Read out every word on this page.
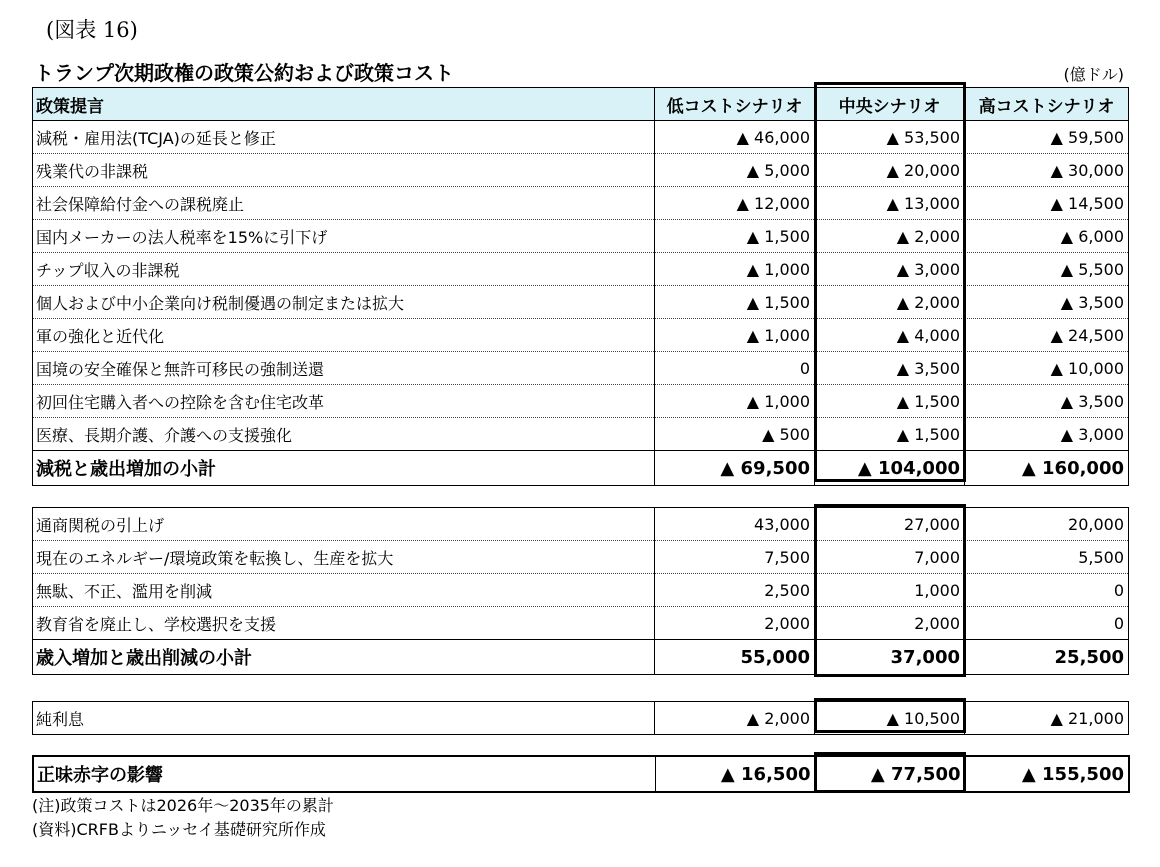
(図表 16)
トランプ次期政権の政策公約および政策コスト	(億ドル)
政策提言	低コストシナリオ	中央シナリオ	高コストシナリオ
減税・雇用法(TCJA)の延長と修正	▲ 46,000	▲ 53,500	▲ 59,500
残業代の非課税	▲ 5,000	▲ 20,000	▲ 30,000
社会保障給付金への課税廃止	▲ 12,000	▲ 13,000	▲ 14,500
国内メーカーの法人税率を15%に引下げ	▲ 1,500	▲ 2,000	▲ 6,000
チップ収入の非課税	▲ 1,000	▲ 3,000	▲ 5,500
個人および中小企業向け税制優遇の制定または拡大	▲ 1,500	▲ 2,000	▲ 3,500
軍の強化と近代化	▲ 1,000	▲ 4,000	▲ 24,500
国境の安全確保と無許可移民の強制送還	0	▲ 3,500	▲ 10,000
初回住宅購入者への控除を含む住宅改革	▲ 1,000	▲ 1,500	▲ 3,500
医療、長期介護、介護への支援強化	▲ 500	▲ 1,500	▲ 3,000
減税と歳出増加の小計	▲ 69,500	▲ 104,000	▲ 160,000
通商関税の引上げ	43,000	27,000	20,000
現在のエネルギー/環境政策を転換し、生産を拡大	7,500	7,000	5,500
無駄、不正、濫用を削減	2,500	1,000	0
教育省を廃止し、学校選択を支援	2,000	2,000	0
歳入増加と歳出削減の小計	55,000	37,000	25,500
純利息	▲ 2,000	▲ 10,500	▲ 21,000
正味赤字の影響	▲ 16,500	▲ 77,500	▲ 155,500
(注)政策コストは2026年～2035年の累計
(資料)CRFBよりニッセイ基礎研究所作成
